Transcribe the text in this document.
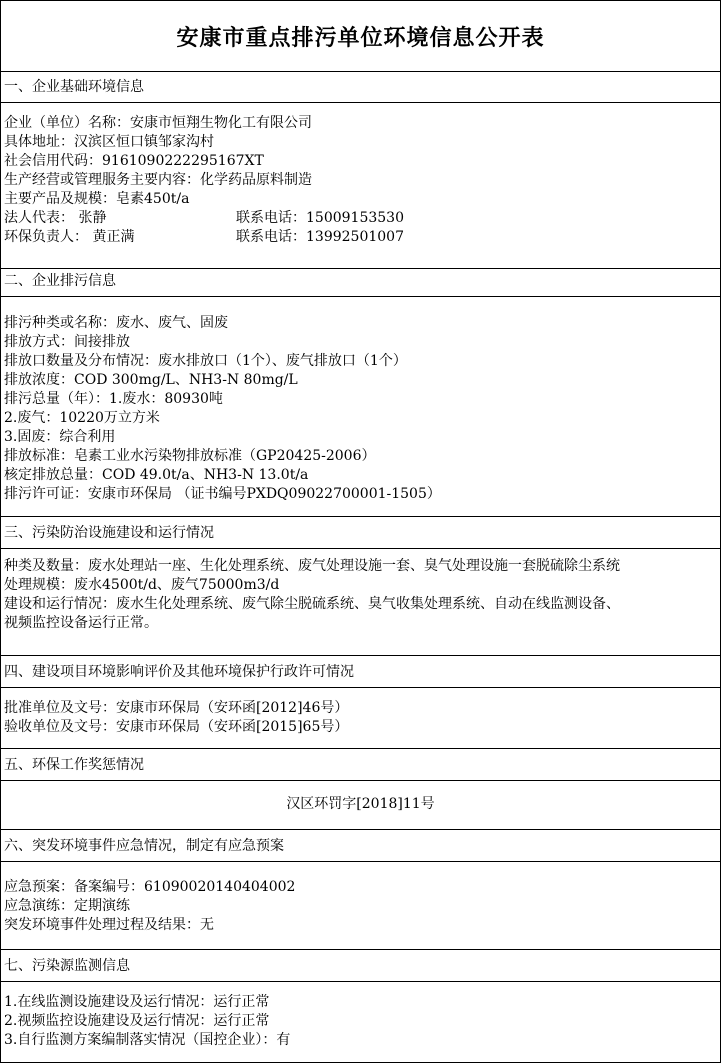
安康市重点排污单位环境信息公开表
一、企业基础环境信息
企业（单位）名称：安康市恒翔生物化工有限公司
具体地址：汉滨区恒口镇邹家沟村
社会信用代码：9161090222295167XT
生产经营或管理服务主要内容：化学药品原料制造
主要产品及规模：皂素450t/a
法人代表： 张静	联系电话：15009153530
环保负责人： 黄正满	联系电话：13992501007
二、企业排污信息
排污种类或名称：废水、废气、固废
排放方式：间接排放
排放口数量及分布情况：废水排放口（1个）、废气排放口（1个）
排放浓度：COD 300mg/L、NH3-N 80mg/L
排污总量（年）：1.废水：80930吨
2.废气：10220万立方米
3.固废：综合利用
排放标准：皂素工业水污染物排放标准（GP20425-2006）
核定排放总量：COD 49.0t/a、NH3-N 13.0t/a
排污许可证：安康市环保局 （证书编号PXDQ09022700001-1505）
三、污染防治设施建设和运行情况
种类及数量：废水处理站一座、生化处理系统、废气处理设施一套、臭气处理设施一套脱硫除尘系统
处理规模：废水4500t/d、废气75000m3/d
建设和运行情况：废水生化处理系统、废气除尘脱硫系统、臭气收集处理系统、自动在线监测设备、
视频监控设备运行正常。
四、建设项目环境影响评价及其他环境保护行政许可情况
批准单位及文号：安康市环保局（安环函[2012]46号）
验收单位及文号：安康市环保局（安环函[2015]65号）
五、环保工作奖惩情况
汉区环罚字[2018]11号
六、突发环境事件应急情况，制定有应急预案
应急预案：备案编号：61090020140404002
应急演练：定期演练
突发环境事件处理过程及结果：无
七、污染源监测信息
1.在线监测设施建设及运行情况：运行正常
2.视频监控设施建设及运行情况：运行正常
3.自行监测方案编制落实情况（国控企业）：有
